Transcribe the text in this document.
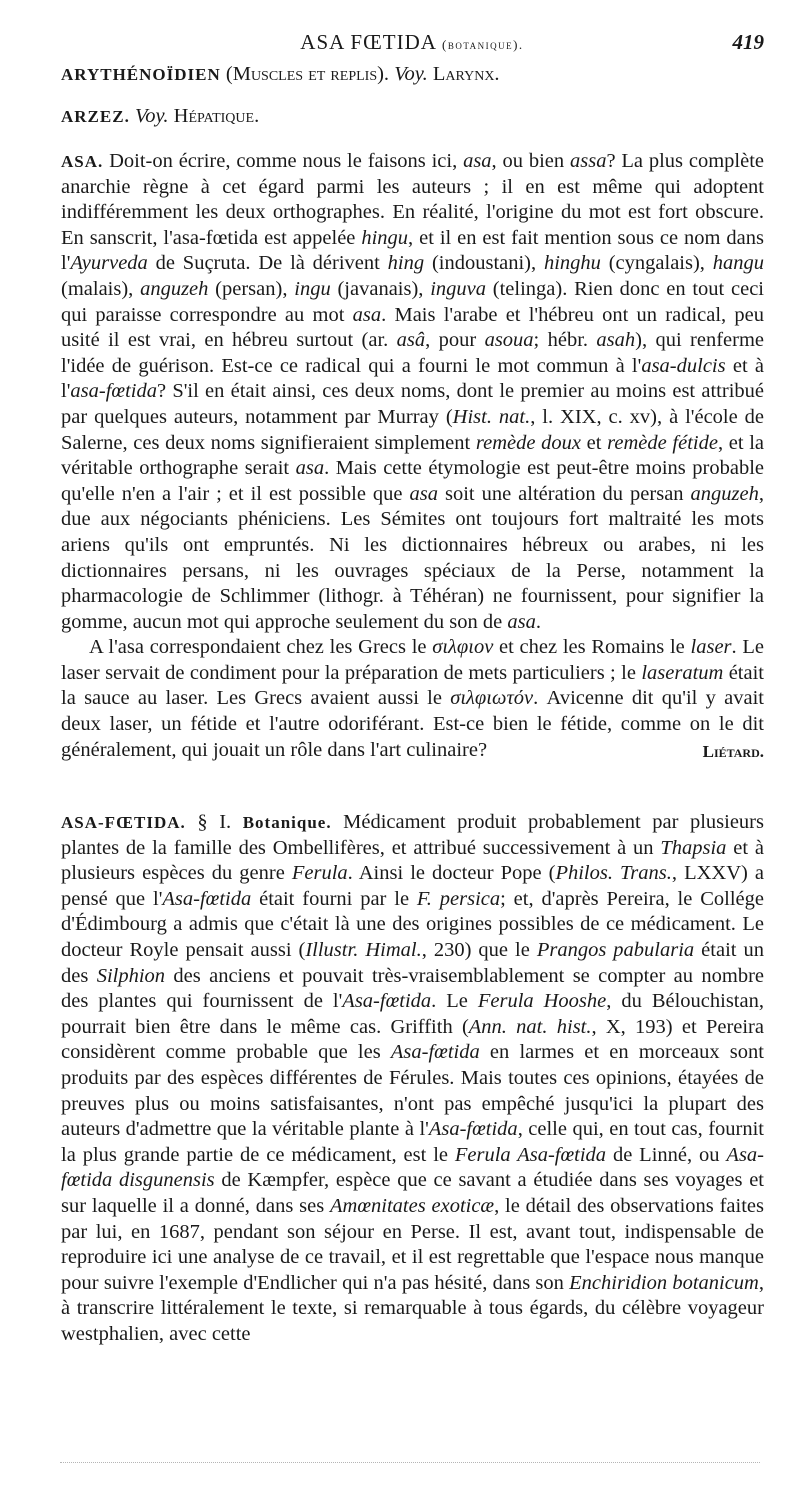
ASA FŒTIDA (botanique).	419

ARYTHÉNOÏDIEN (Muscles et replis). Voy. Larynx.

ARZEZ. Voy. Hépatique.

ASA. Doit-on écrire, comme nous le faisons ici, asa, ou bien assa? La plus complète anarchie règne à cet égard parmi les auteurs ; il en est même qui adoptent indifféremment les deux orthographes. En réalité, l'origine du mot est fort obscure. En sanscrit, l'asa-fœtida est appelée hingu, et il en est fait mention sous ce nom dans l'Ayurveda de Suçruta. De là dérivent hing (indoustani), hinghu (cyngalais), hangu (malais), anguzeh (persan), ingu (javanais), inguva (telinga). Rien donc en tout ceci qui paraisse correspondre au mot asa. Mais l'arabe et l'hébreu ont un radical, peu usité il est vrai, en hébreu surtout (ar. asâ, pour asoua; hébr. asah), qui renferme l'idée de guérison. Est-ce ce radical qui a fourni le mot commun à l'asa-dulcis et à l'asa-fœtida? S'il en était ainsi, ces deux noms, dont le premier au moins est attribué par quelques auteurs, notamment par Murray (Hist. nat., l. XIX, c. xv), à l'école de Salerne, ces deux noms signifieraient simplement remède doux et remède fétide, et la véritable orthographe serait asa. Mais cette étymologie est peut-être moins probable qu'elle n'en a l'air ; et il est possible que asa soit une altération du persan anguzeh, due aux négociants phéniciens. Les Sémites ont toujours fort maltraité les mots ariens qu'ils ont empruntés. Ni les dictionnaires hébreux ou arabes, ni les dictionnaires persans, ni les ouvrages spéciaux de la Perse, notamment la pharmacologie de Schlimmer (lithogr. à Téhéran) ne fournissent, pour signifier la gomme, aucun mot qui approche seulement du son de asa.

A l'asa correspondaient chez les Grecs le σιλφιον et chez les Romains le laser. Le laser servait de condiment pour la préparation de mets particuliers ; le laseratum était la sauce au laser. Les Grecs avaient aussi le σιλφιωτόν. Avicenne dit qu'il y avait deux laser, un fétide et l'autre odoriférant. Est-ce bien le fétide, comme on le dit généralement, qui jouait un rôle dans l'art culinaire?	Liétard.

ASA-FŒTIDA. § I. Botanique. Médicament produit probablement par plusieurs plantes de la famille des Ombellifères, et attribué successivement à un Thapsia et à plusieurs espèces du genre Ferula. Ainsi le docteur Pope (Philos. Trans., LXXV) a pensé que l'Asa-fœtida était fourni par le F. persica; et, d'après Pereira, le Collége d'Édimbourg a admis que c'était là une des origines possibles de ce médicament. Le docteur Royle pensait aussi (Illustr. Himal., 230) que le Prangos pabularia était un des Silphion des anciens et pouvait très-vraisemblablement se compter au nombre des plantes qui fournissent de l'Asa-fœtida. Le Ferula Hooshe, du Bélouchistan, pourrait bien être dans le même cas. Griffith (Ann. nat. hist., X, 193) et Pereira considèrent comme probable que les Asa-fœtida en larmes et en morceaux sont produits par des espèces différentes de Férules. Mais toutes ces opinions, étayées de preuves plus ou moins satisfaisantes, n'ont pas empêché jusqu'ici la plupart des auteurs d'admettre que la véritable plante à l'Asa-fœtida, celle qui, en tout cas, fournit la plus grande partie de ce médicament, est le Ferula Asa-fœtida de Linné, ou Asa-fœtida disgunensis de Kæmpfer, espèce que ce savant a étudiée dans ses voyages et sur laquelle il a donné, dans ses Amœnitates exoticæ, le détail des observations faites par lui, en 1687, pendant son séjour en Perse. Il est, avant tout, indispensable de reproduire ici une analyse de ce travail, et il est regrettable que l'espace nous manque pour suivre l'exemple d'Endlicher qui n'a pas hésité, dans son Enchiridion botanicum, à transcrire littéralement le texte, si remarquable à tous égards, du célèbre voyageur westphalien, avec cette
